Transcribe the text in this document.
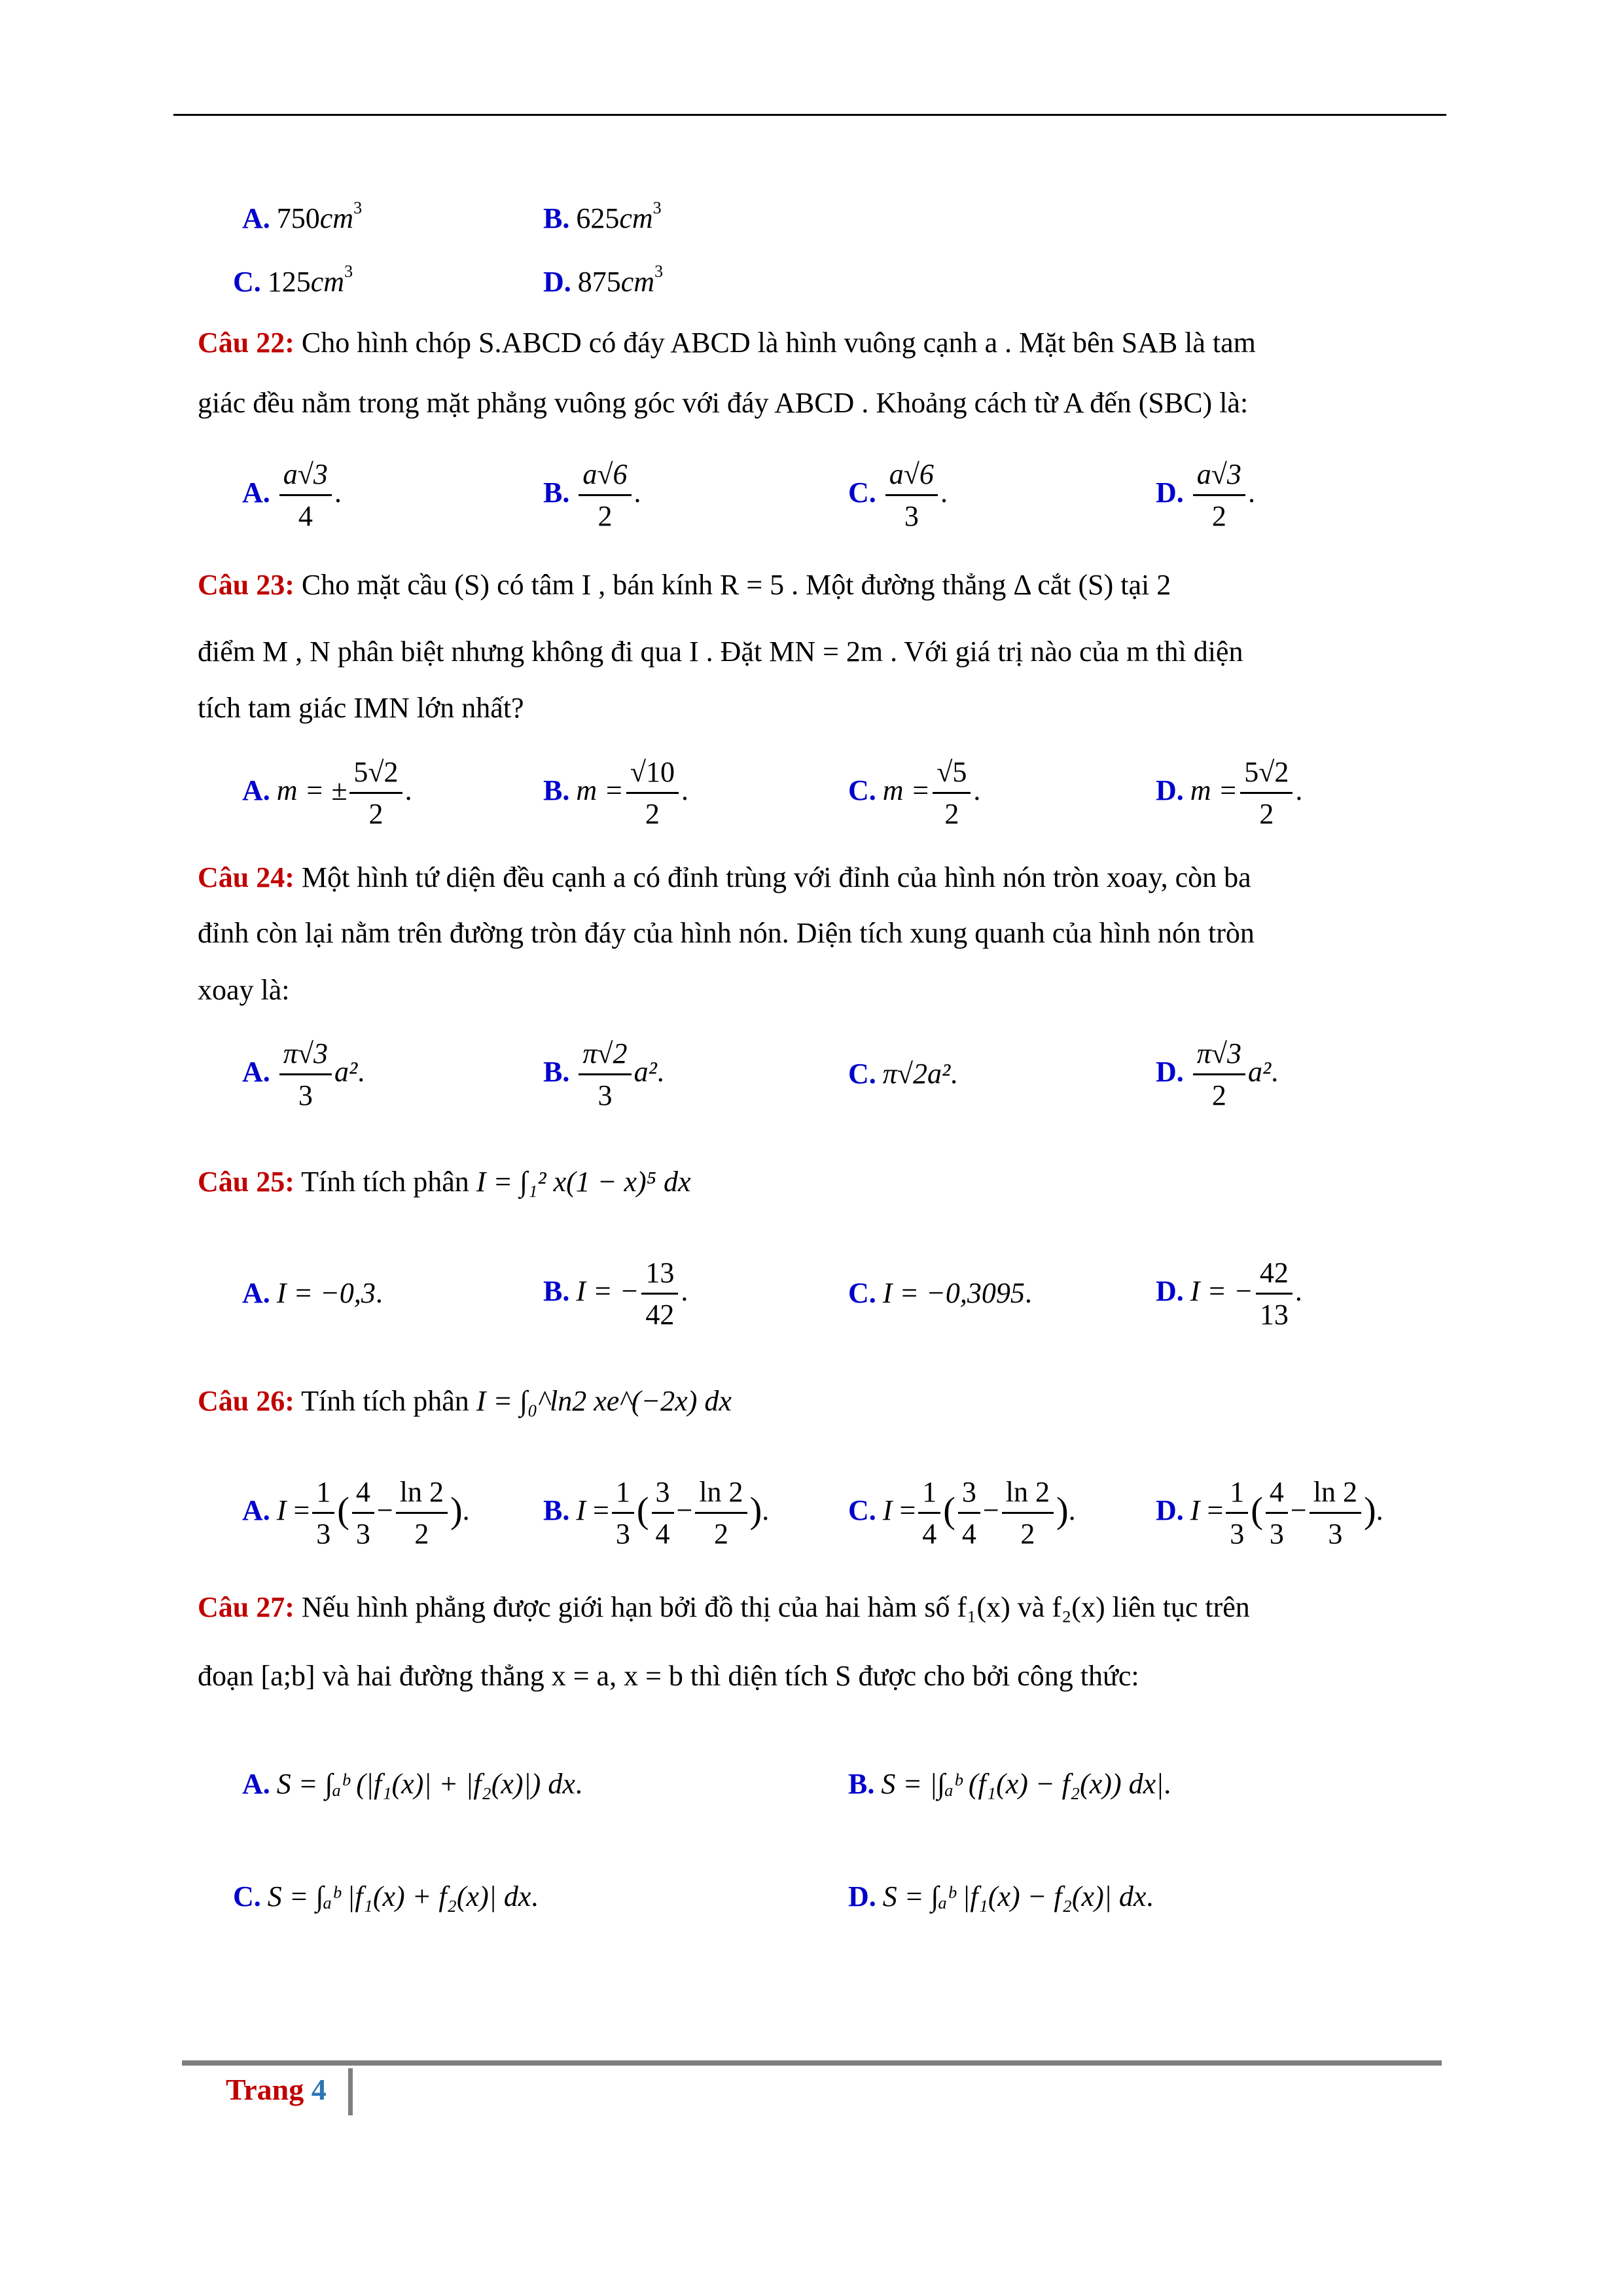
A. $750cm^3$	B. $625cm^3$
C. $125cm^3$	D. $875cm^3$
Câu 22: Cho hình chóp S.ABCD có đáy ABCD là hình vuông cạnh a . Mặt bên SAB là tam
giác đều nằm trong mặt phẳng vuông góc với đáy ABCD . Khoảng cách từ A đến (SBC) là:
A. $\frac{a√3}{4}$ .	B. $\frac{a√6}{2}$ .	C. $\frac{a√6}{3}$ .	D. $\frac{a√3}{2}$ .
Câu 23: Cho mặt cầu (S) có tâm I , bán kính R = 5 . Một đường thẳng Δ cắt (S) tại 2
điểm M , N phân biệt nhưng không đi qua I . Đặt MN = 2m . Với giá trị nào của m thì diện
tích tam giác IMN lớn nhất?
A. m = ± $\frac{5√2}{2}$ .	B. $m = \frac{√10}{2}$ .	C. $m = \frac{√5}{2}$ .	D. $m = \frac{5√2}{2}$ .
Câu 24: Một hình tứ diện đều cạnh a có đỉnh trùng với đỉnh của hình nón tròn xoay, còn ba
đỉnh còn lại nằm trên đường tròn đáy của hình nón. Diện tích xung quanh của hình nón tròn
xoay là:
A. $\frac{\pi√3}{3} a^2$.	B. $\frac{\pi√2}{3} a^2$.	C. π√2a².	D. $\frac{\pi√3}{2} a^2$.
Câu 25: Tính tích phân I = ∫₁² x(1 − x)⁵ dx
A. I = −0,3.	B. I = − $\frac{13}{42}$ .	C. I = −0,3095.	D. I = − $\frac{42}{13}$ .
Câu 26: Tính tích phân I = ∫₀^ln2 xe^(−2x) dx
A. $I = \frac{1}{3}$ ( $\frac{4}{3} - \frac{\ln 2}{2}$ ).	B. $I = \frac{1}{3}$ ( $\frac{3}{4} - \frac{\ln 2}{2}$ ).	C. $I = \frac{1}{4}$ ( $\frac{3}{4} - \frac{\ln 2}{2}$ ).	D. $I = \frac{1}{3}$ ( $\frac{4}{3} - \frac{\ln 2}{3}$ ).
Câu 27: Nếu hình phẳng được giới hạn bởi đồ thị của hai hàm số f₁(x) và f₂(x) liên tục trên
đoạn [a;b] và hai đường thẳng x = a, x = b thì diện tích S được cho bởi công thức:
A. S = ∫ₐᵇ (|f₁(x)| + |f₂(x)|) dx.	B. S = |∫ₐᵇ (f₁(x) − f₂(x)) dx|.
C. S = ∫ₐᵇ |f₁(x) + f₂(x)| dx.	D. S = ∫ₐᵇ |f₁(x) − f₂(x)| dx.
Trang 4
